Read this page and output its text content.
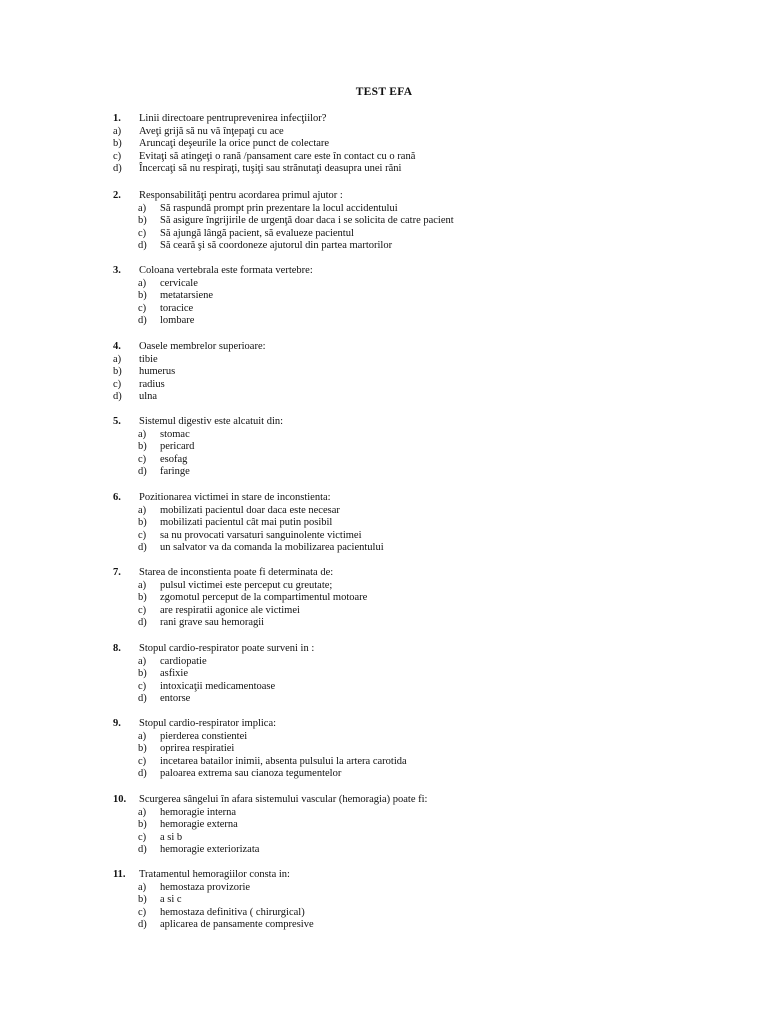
TEST EFA
1. Linii directoare pentruprevenirea infecţiilor?
a) Aveţi grijă să nu vă înţepaţi cu ace
b) Aruncaţi deşeurile la orice punct de colectare
c) Evitaţi să atingeţi o rană /pansament care este în contact cu o rană
d) Încercaţi să nu respiraţi, tuşiţi sau strănutaţi deasupra unei răni
2. Responsabilităţi pentru acordarea primul ajutor :
a) Să raspundă prompt prin prezentare la locul accidentului
b) Să asigure îngrijirile de urgenţă doar daca i se solicita de catre pacient
c) Să ajungă lângă pacient, să evalueze pacientul
d) Să ceară şi să coordoneze ajutorul din partea martorilor
3. Coloana vertebrala este formata vertebre:
a) cervicale
b) metatarsiene
c) toracice
d) lombare
4. Oasele membrelor superioare:
a) tibie
b) humerus
c) radius
d) ulna
5. Sistemul digestiv este alcatuit din:
a) stomac
b) pericard
c) esofag
d) faringe
6. Pozitionarea victimei in stare de inconstienta:
a) mobilizati pacientul doar daca este necesar
b) mobilizati pacientul cât mai putin posibil
c) sa nu provocati varsaturi sanguinolente victimei
d) un salvator va da comanda la mobilizarea pacientului
7. Starea de inconstienta poate fi determinata de:
a) pulsul victimei este perceput cu greutate;
b) zgomotul perceput de la compartimentul motoare
c) are respiratii agonice ale victimei
d) rani grave sau hemoragii
8. Stopul cardio-respirator poate surveni in :
a) cardiopatie
b) asfixie
c) intoxicaţii medicamentoase
d) entorse
9. Stopul cardio-respirator implica:
a) pierderea constientei
b) oprirea respiratiei
c) incetarea batailor inimii, absenta pulsului la artera carotida
d) paloarea extrema sau cianoza tegumentelor
10. Scurgerea sângelui în afara sistemului vascular (hemoragia) poate fi:
a) hemoragie interna
b) hemoragie externa
c) a si b
d) hemoragie exteriorizata
11. Tratamentul hemoragiilor consta in:
a) hemostaza provizorie
b) a si c
c) hemostaza definitiva ( chirurgical)
d) aplicarea de pansamente compresive
